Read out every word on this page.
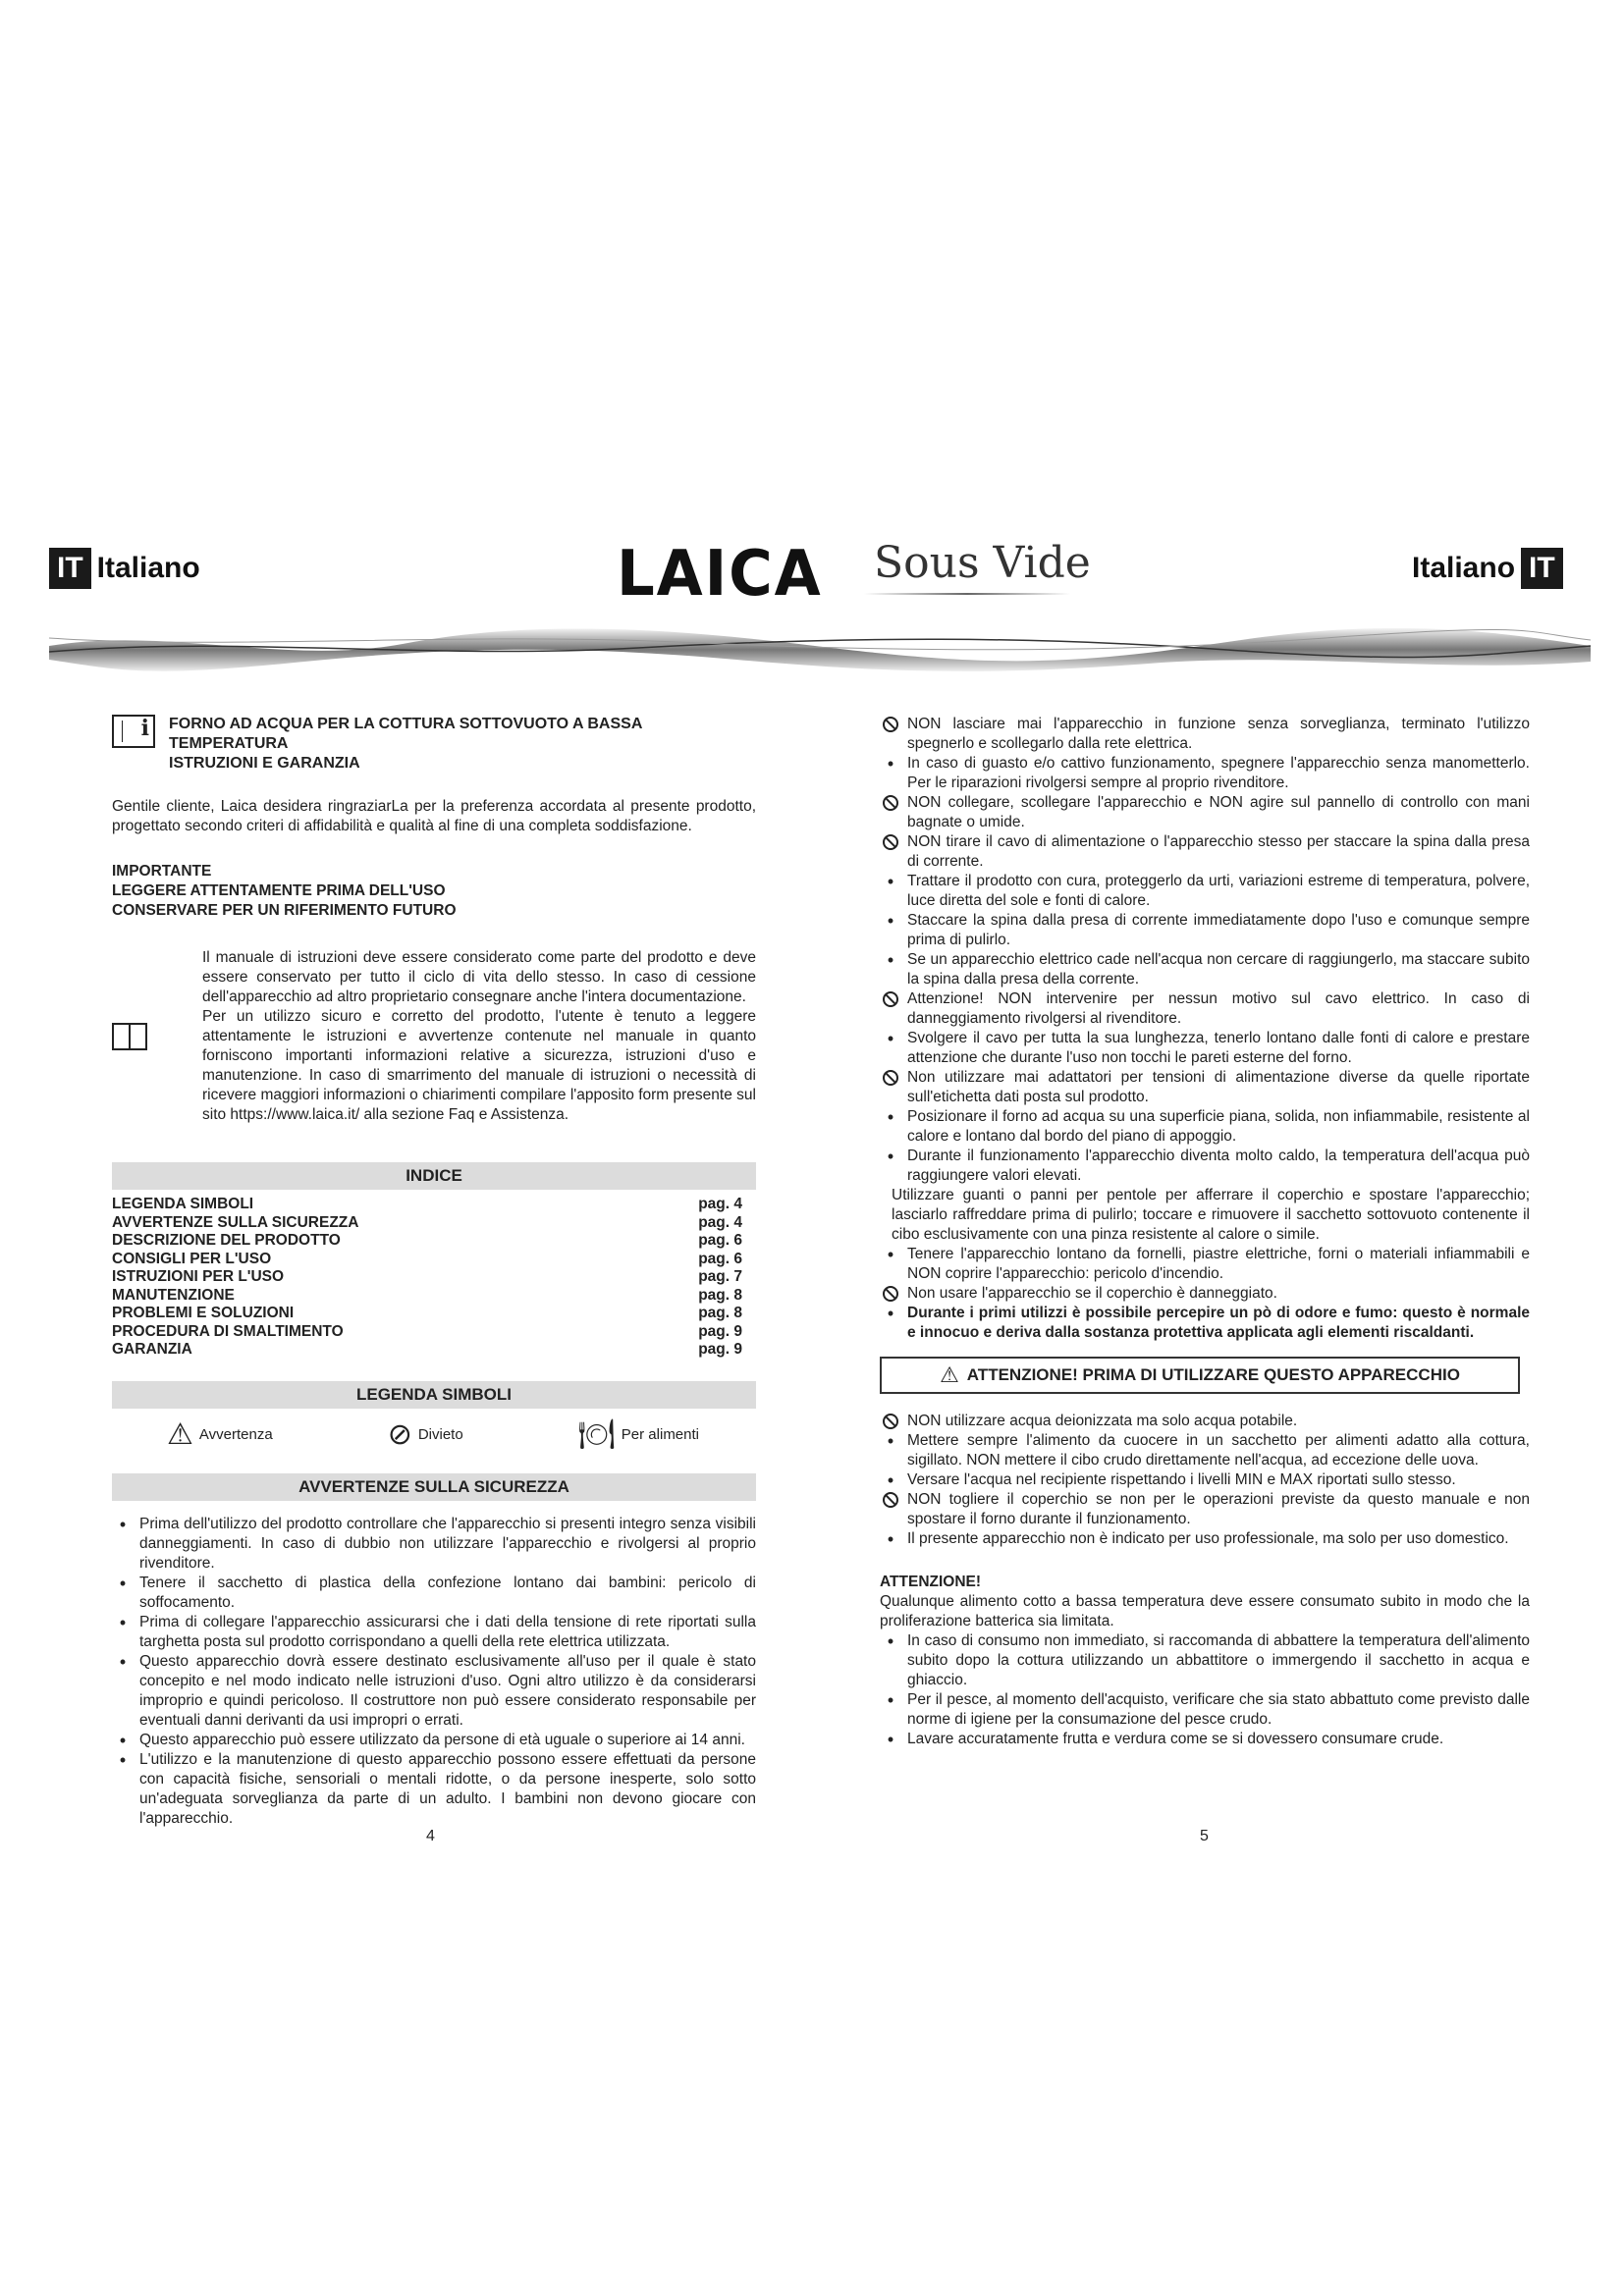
IT Italiano	LAICA Sous Vide	Italiano IT
i
FORNO AD ACQUA PER LA COTTURA SOTTOVUOTO A BASSA TEMPERATURA
ISTRUZIONI E GARANZIA

Gentile cliente, Laica desidera ringraziarLa per la preferenza accordata al presente prodotto, progettato secondo criteri di affidabilità e qualità al fine di una completa soddisfazione.

IMPORTANTE
LEGGERE ATTENTAMENTE PRIMA DELL'USO
CONSERVARE PER UN RIFERIMENTO FUTURO

Il manuale di istruzioni deve essere considerato come parte del prodotto e deve essere conservato per tutto il ciclo di vita dello stesso. In caso di cessione dell'apparecchio ad altro proprietario consegnare anche l'intera documentazione.

Per un utilizzo sicuro e corretto del prodotto, l'utente è tenuto a leggere attentamente le istruzioni e avvertenze contenute nel manuale in quanto forniscono importanti informazioni relative a sicurezza, istruzioni d'uso e manutenzione. In caso di smarrimento del manuale di istruzioni o necessità di ricevere maggiori informazioni o chiarimenti compilare l'apposito form presente sul sito https://www.laica.it/ alla sezione Faq e Assistenza.

INDICE
LEGENDA SIMBOLI	pag. 4
AVVERTENZE SULLA SICUREZZA	pag. 4
DESCRIZIONE DEL PRODOTTO	pag. 6
CONSIGLI PER L'USO	pag. 6
ISTRUZIONI PER L'USO	pag. 7
MANUTENZIONE	pag. 8
PROBLEMI E SOLUZIONI	pag. 8
PROCEDURA DI SMALTIMENTO	pag. 9
GARANZIA	pag. 9
LEGENDA SIMBOLI
⚠ Avvertenza	⊘ Divieto	🍽 Per alimenti
AVVERTENZE SULLA SICUREZZA
•
Prima dell'utilizzo del prodotto controllare che l'apparecchio si presenti integro senza visibili danneggiamenti. In caso di dubbio non utilizzare l'apparecchio e rivolgersi al proprio rivenditore.
•
Tenere il sacchetto di plastica della confezione lontano dai bambini: pericolo di soffocamento.
•
Prima di collegare l'apparecchio assicurarsi che i dati della tensione di rete riportati sulla targhetta posta sul prodotto corrispondano a quelli della rete elettrica utilizzata.
•
Questo apparecchio dovrà essere destinato esclusivamente all'uso per il quale è stato concepito e nel modo indicato nelle istruzioni d'uso. Ogni altro utilizzo è da considerarsi improprio e quindi pericoloso. Il costruttore non può essere considerato responsabile per eventuali danni derivanti da usi impropri o errati.
•
Questo apparecchio può essere utilizzato da persone di età uguale o superiore ai 14 anni.
•
L'utilizzo e la manutenzione di questo apparecchio possono essere effettuati da persone con capacità fisiche, sensoriali o mentali ridotte, o da persone inesperte, solo sotto un'adeguata sorveglianza da parte di un adulto. I bambini non devono giocare con l'apparecchio.
4
NON lasciare mai l'apparecchio in funzione senza sorveglianza, terminato l'utilizzo spegnerlo e scollegarlo dalla rete elettrica.
•
In caso di guasto e/o cattivo funzionamento, spegnere l'apparecchio senza manometterlo. Per le riparazioni rivolgersi sempre al proprio rivenditore.
NON collegare, scollegare l'apparecchio e NON agire sul pannello di controllo con mani bagnate o umide.
NON tirare il cavo di alimentazione o l'apparecchio stesso per staccare la spina dalla presa di corrente.
•
Trattare il prodotto con cura, proteggerlo da urti, variazioni estreme di temperatura, polvere, luce diretta del sole e fonti di calore.
•
Staccare la spina dalla presa di corrente immediatamente dopo l'uso e comunque sempre prima di pulirlo.
•
Se un apparecchio elettrico cade nell'acqua non cercare di raggiungerlo, ma staccare subito la spina dalla presa della corrente.
Attenzione! NON intervenire per nessun motivo sul cavo elettrico. In caso di danneggiamento rivolgersi al rivenditore.
•
Svolgere il cavo per tutta la sua lunghezza, tenerlo lontano dalle fonti di calore e prestare attenzione che durante l'uso non tocchi le pareti esterne del forno.
Non utilizzare mai adattatori per tensioni di alimentazione diverse da quelle riportate sull'etichetta dati posta sul prodotto.
•
Posizionare il forno ad acqua su una superficie piana, solida, non infiammabile, resistente al calore e lontano dal bordo del piano di appoggio.
•
Durante il funzionamento l'apparecchio diventa molto caldo, la temperatura dell'acqua può raggiungere valori elevati.
Utilizzare guanti o panni per pentole per afferrare il coperchio e spostare l'apparecchio; lasciarlo raffreddare prima di pulirlo; toccare e rimuovere il sacchetto sottovuoto contenente il cibo esclusivamente con una pinza resistente al calore o simile.
•
Tenere l'apparecchio lontano da fornelli, piastre elettriche, forni o materiali infiammabili e NON coprire l'apparecchio: pericolo d'incendio.
Non usare l'apparecchio se il coperchio è danneggiato.
•
Durante i primi utilizzi è possibile percepire un pò di odore e fumo: questo è normale e innocuo e deriva dalla sostanza protettiva applicata agli elementi riscaldanti.
⚠ ATTENZIONE! PRIMA DI UTILIZZARE QUESTO APPARECCHIO
NON utilizzare acqua deionizzata ma solo acqua potabile.
•
Mettere sempre l'alimento da cuocere in un sacchetto per alimenti adatto alla cottura, sigillato. NON mettere il cibo crudo direttamente nell'acqua, ad eccezione delle uova.
•
Versare l'acqua nel recipiente rispettando i livelli MIN e MAX riportati sullo stesso.
NON togliere il coperchio se non per le operazioni previste da questo manuale e non spostare il forno durante il funzionamento.
•
Il presente apparecchio non è indicato per uso professionale, ma solo per uso domestico.
ATTENZIONE!

Qualunque alimento cotto a bassa temperatura deve essere consumato subito in modo che la proliferazione batterica sia limitata.

•
In caso di consumo non immediato, si raccomanda di abbattere la temperatura dell'alimento subito dopo la cottura utilizzando un abbattitore o immergendo il sacchetto in acqua e ghiaccio.
•
Per il pesce, al momento dell'acquisto, verificare che sia stato abbattuto come previsto dalle norme di igiene per la consumazione del pesce crudo.
•
Lavare accuratamente frutta e verdura come se si dovessero consumare crude.
5
